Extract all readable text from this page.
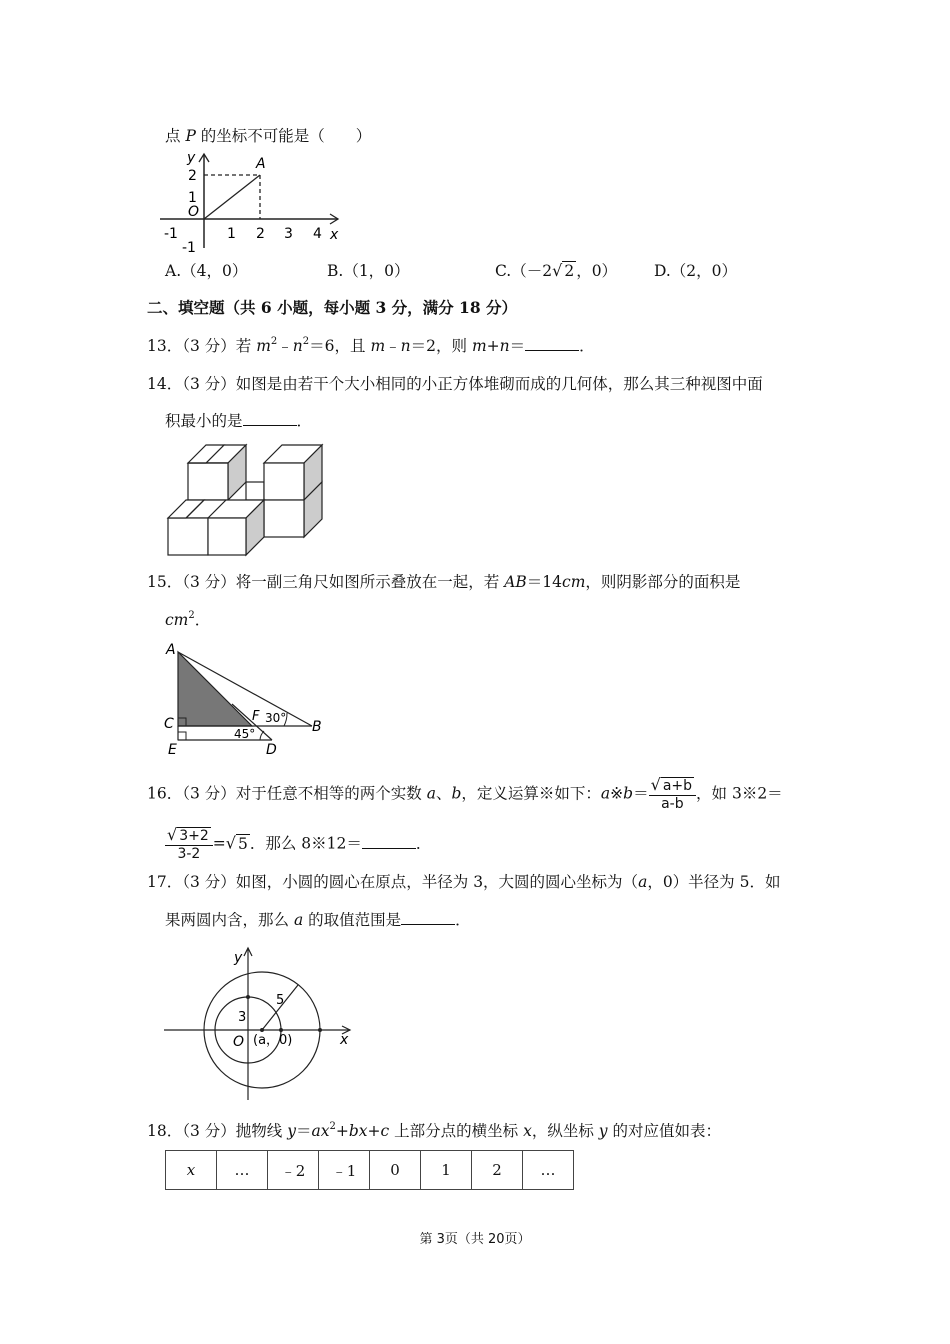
点 P 的坐标不可能是（　　）
y	A
O
x
2
1
-1
-1	1 2 3 4
A.（4，0）	B.（1，0）	C.（－2√ 2 ，0） D.（2，0）
二、填空题（共 6 小题，每小题 3 分，满分 18 分）
13．（3 分）若 $m^2﹣n^2=6$，且 m﹣n＝2，则 m+n＝	．
14．（3 分）如图是由若干个大小相同的小正方体堆砌而成的几何体，那么其三种视图中面
积最小的是	．
15．（3 分）将一副三角尺如图所示叠放在一起，若 AB＝14cm，则阴影部分的面积是
$cm^2$．
A
C
E
F 30°
B
45°
D
16．（3 分）对于任意不相等的两个实数 a、b，定义运算※如下：a※b＝ $\frac{√ a+b}{a-b}$ ，如 3※2＝
$\frac{√ 3+2}{3-2}$ =√ 5 ．那么 8※12＝	．
17．（3 分）如图，小圆的圆心在原点，半径为 3，大圆的圆心坐标为（a，0）半径为 5．如
果两圆内含，那么 a 的取值范围是	．
y
x
O
3
5
(a，0)
18．（3 分）抛物线 $y=ax^2+bx+c$ 上部分点的横坐标 x，纵坐标 y 的对应值如表：
x	…	﹣2	﹣1	0	1	2	…
第 3页（共 20页）
